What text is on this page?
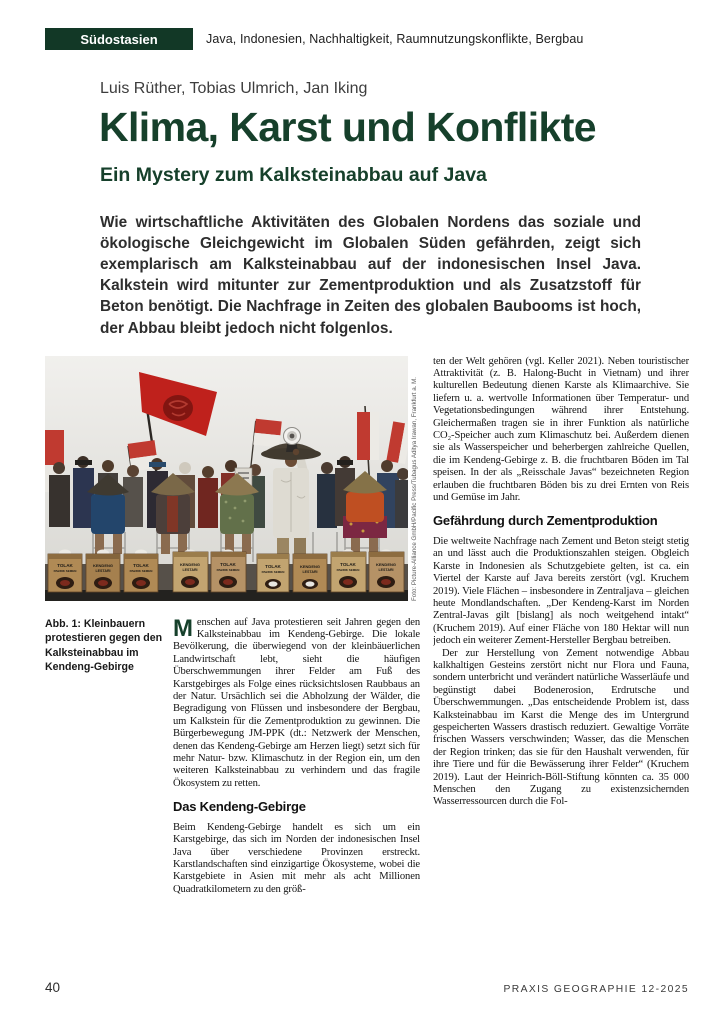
Südostasien	Java, Indonesien, Nachhaltigkeit, Raumnutzungskonflikte, Bergbau
Luis Rüther, Tobias Ulmrich, Jan Iking
Klima, Karst und Konflikte
Ein Mystery zum Kalksteinabbau auf Java

Wie wirtschaftliche Aktivitäten des Globalen Nordens das soziale und ökologische Gleichgewicht im Globalen Süden gefährden, zeigt sich exemplarisch am Kalksteinabbau auf der indonesischen Insel Java. Kalkstein wird mitunter zur Zementproduktion und als Zusatzstoff für Beton benötigt. Die Nachfrage in Zeiten des globalen Baubooms ist hoch, der Abbau bleibt jedoch nicht folgenlos.

TOLAK
PABRIK SEMEN
KENDENG
LESTARI
TOLAK
PABRIK SEMEN
KENDENG
LESTARI
TOLAK
PABRIK SEMEN
TOLAK
PABRIK SEMEN
KENDENG
LESTARI
TOLAK
PABRIK SEMEN
KENDENG
LESTARI	Foto: Picture-Alliance GmbH/Pacific Press/Tubagus Aditya Irawan, Frankfurt a. M.
Abb. 1: Kleinbauern protestieren gegen den Kalksteinabbau im Kendeng-Gebirge

Menschen auf Java protestieren seit Jahren gegen den Kalksteinabbau im Kendeng-Gebirge. Die lokale Bevölkerung, die überwiegend von der kleinbäuerlichen Landwirtschaft lebt, sieht die häufigen Überschwemmungen ihrer Felder am Fuß des Karstgebirges als Folge eines rücksichtslosen Raubbaus an der Natur. Ursächlich sei die Abholzung der Wälder, die Begradigung von Flüssen und insbesondere der Bergbau, um Kalkstein für die Zementproduktion zu gewinnen. Die Bürgerbewegung JM-PPK (dt.: Netzwerk der Menschen, denen das Kendeng-Gebirge am Herzen liegt) setzt sich für mehr Natur- bzw. Klimaschutz in der Region ein, um den weiteren Kalksteinabbau zu verhindern und das fragile Ökosystem zu retten.

Das Kendeng-Gebirge

Beim Kendeng-Gebirge handelt es sich um ein Karstgebirge, das sich im Norden der indonesischen Insel Java über verschiedene Provinzen erstreckt. Karstlandschaften sind einzigartige Ökosysteme, wobei die Karstgebiete in Asien mit mehr als acht Millionen Quadratkilometern zu den größ-

ten der Welt gehören (vgl. Keller 2021). Neben touristischer Attraktivität (z. B. Halong-Bucht in Vietnam) und ihrer kulturellen Bedeutung dienen Karste als Klimaarchive. Sie liefern u. a. wertvolle Informationen über Temperatur- und Vegetationsbedingungen während ihrer Entstehung. Gleichermaßen tragen sie in ihrer Funktion als natürliche CO₂-Speicher auch zum Klimaschutz bei. Außerdem dienen sie als Wasserspeicher und beherbergen zahlreiche Quellen, die im Kendeng-Gebirge z. B. die fruchtbaren Böden im Tal speisen. In der als „Reisschale Javas“ bezeichneten Region erlauben die fruchtbaren Böden bis zu drei Ernten von Reis und Gemüse im Jahr.

Gefährdung durch Zementproduktion

Die weltweite Nachfrage nach Zement und Beton steigt stetig an und lässt auch die Produktionszahlen steigen. Obgleich Karste in Indonesien als Schutzgebiete gelten, ist ca. ein Viertel der Karste auf Java bereits zerstört (vgl. Kruchem 2019). Viele Flächen – insbesondere in Zentraljava – gleichen heute Mondlandschaften. „Der Kendeng-Karst im Norden Zentral-Javas gilt [bislang] als noch weitgehend intakt“ (Kruchem 2019). Auf einer Fläche von 180 Hektar will nun jedoch ein weiterer Zement-Hersteller Bergbau betreiben.

Der zur Herstellung von Zement notwendige Abbau kalkhaltigen Gesteins zerstört nicht nur Flora und Fauna, sondern unterbricht und verändert natürliche Wasserläufe und begünstigt dabei Bodenerosion, Erdrutsche und Überschwemmungen. „Das entscheidende Problem ist, dass Kalksteinabbau im Karst die Menge des im Untergrund gespeicherten Wassers drastisch reduziert. Gewaltige Vorräte frischen Wassers verschwinden; Wasser, das die Menschen der Region trinken; das sie für den Haushalt verwenden, für ihre Tiere und für die Bewässerung ihrer Felder“ (Kruchem 2019). Laut der Heinrich-Böll-Stiftung könnten ca. 35 000 Menschen den Zugang zu existenzsichernden Wasserressourcen durch die Fol-

40	PRAXIS GEOGRAPHIE 12-2025
